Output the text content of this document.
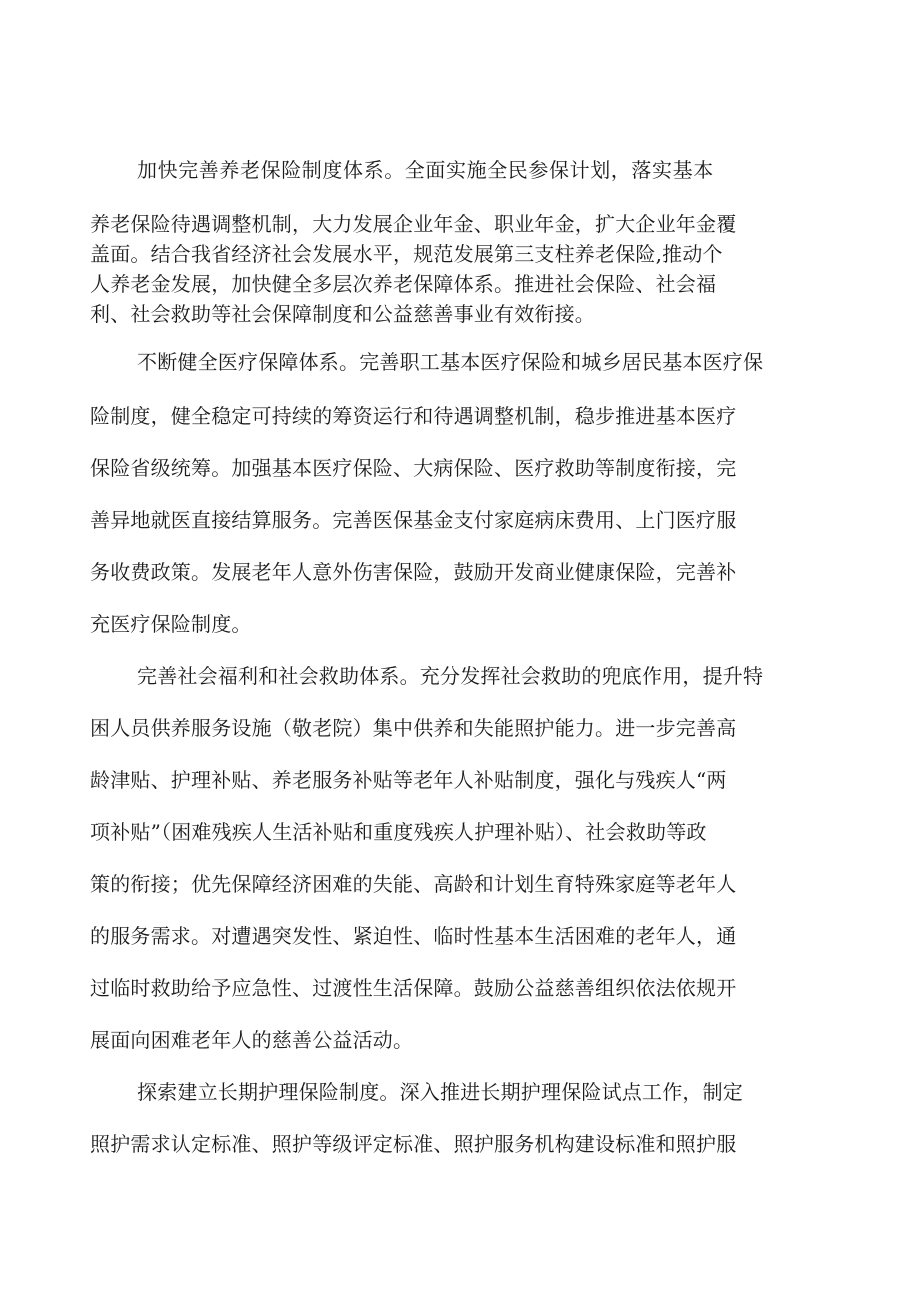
加快完善养老保险制度体系。全面实施全民参保计划，落实基本
养老保险待遇调整机制，大力发展企业年金、职业年金，扩大企业年金覆
盖面。结合我省经济社会发展水平，规范发展第三支柱养老保险,推动个
人养老金发展，加快健全多层次养老保障体系。推进社会保险、社会福
利、社会救助等社会保障制度和公益慈善事业有效衔接。
不断健全医疗保障体系。完善职工基本医疗保险和城乡居民基本医疗保
险制度，健全稳定可持续的筹资运行和待遇调整机制，稳步推进基本医疗
保险省级统筹。加强基本医疗保险、大病保险、医疗救助等制度衔接，完
善异地就医直接结算服务。完善医保基金支付家庭病床费用、上门医疗服
务收费政策。发展老年人意外伤害保险，鼓励开发商业健康保险，完善补
充医疗保险制度。
完善社会福利和社会救助体系。充分发挥社会救助的兜底作用，提升特
困人员供养服务设施（敬老院）集中供养和失能照护能力。进一步完善高
龄津贴、护理补贴、养老服务补贴等老年人补贴制度，强化与残疾人“两
项补贴”（困难残疾人生活补贴和重度残疾人护理补贴）、社会救助等政
策的衔接；优先保障经济困难的失能、高龄和计划生育特殊家庭等老年人
的服务需求。对遭遇突发性、紧迫性、临时性基本生活困难的老年人，通
过临时救助给予应急性、过渡性生活保障。鼓励公益慈善组织依法依规开
展面向困难老年人的慈善公益活动。
探索建立长期护理保险制度。深入推进长期护理保险试点工作，制定
照护需求认定标准、照护等级评定标准、照护服务机构建设标准和照护服
